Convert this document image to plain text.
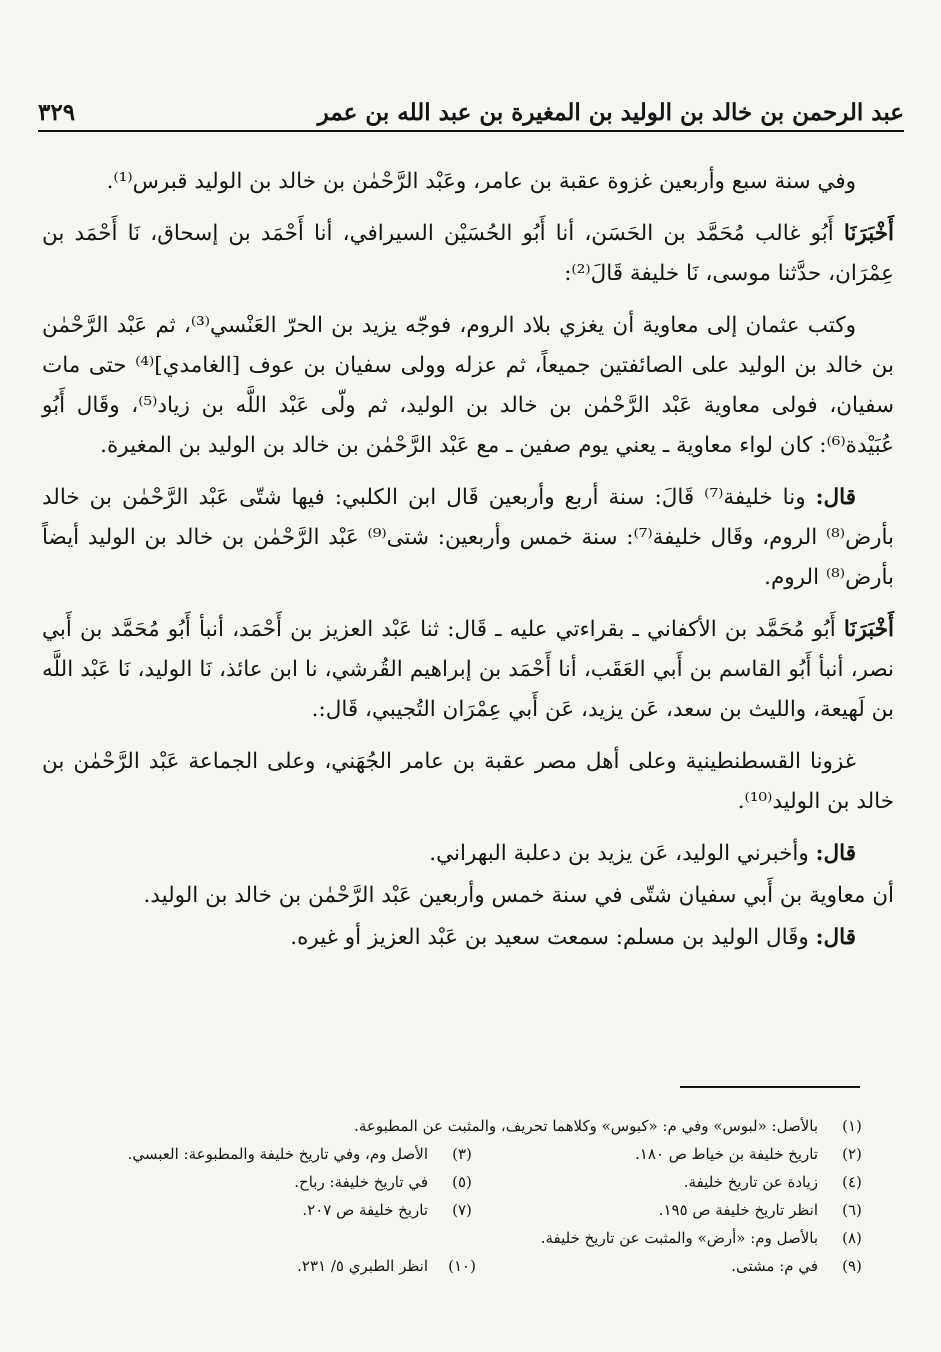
عبد الرحمن بن خالد بن الوليد بن المغيرة بن عبد الله بن عمر
٣٢٩

وفي سنة سبع وأربعين غزوة عقبة بن عامر، وعَبْد الرَّحْمٰن بن خالد بن الوليد قبرس⁽¹⁾.

أَخْبَرَنَا أَبُو غالب مُحَمَّد بن الحَسَن، أنا أَبُو الحُسَيْن السيرافي، أنا أَحْمَد بن إسحاق، نَا أَحْمَد بن عِمْرَان، حدَّثنا موسى، نَا خليفة قَالَ⁽²⁾:

وكتب عثمان إلى معاوية أن يغزي بلاد الروم، فوجّه يزيد بن الحرّ العَنْسي⁽³⁾، ثم عَبْد الرَّحْمٰن بن خالد بن الوليد على الصائفتين جميعاً، ثم عزله وولى سفيان بن عوف [الغامدي]⁽⁴⁾ حتى مات سفيان، فولى معاوية عَبْد الرَّحْمٰن بن خالد بن الوليد، ثم ولّى عَبْد اللَّه بن زياد⁽⁵⁾، وقَال أَبُو عُبَيْدة⁽⁶⁾: كان لواء معاوية ـ يعني يوم صفين ـ مع عَبْد الرَّحْمٰن بن خالد بن الوليد بن المغيرة.

قال: ونا خليفة⁽⁷⁾ قَالَ: سنة أربع وأربعين قَال ابن الكلبي: فيها شتّى عَبْد الرَّحْمٰن بن خالد بأرض⁽⁸⁾ الروم، وقَال خليفة⁽⁷⁾: سنة خمس وأربعين: شتى⁽⁹⁾ عَبْد الرَّحْمٰن بن خالد بن الوليد أيضاً بأرض⁽⁸⁾ الروم.

أَخْبَرَنَا أَبُو مُحَمَّد بن الأكفاني ـ بقراءتي عليه ـ قَال: ثنا عَبْد العزيز بن أَحْمَد، أنبأ أَبُو مُحَمَّد بن أَبي نصر، أنبأ أَبُو القاسم بن أَبي العَقَب، أنا أَحْمَد بن إبراهيم القُرشي، نا ابن عائذ، نَا الوليد، نَا عَبْد اللَّه بن لَهيعة، والليث بن سعد، عَن يزيد، عَن أَبي عِمْرَان التُجيبي، قَال:.

غزونا القسطنطينية وعلى أهل مصر عقبة بن عامر الجُهَني، وعلى الجماعة عَبْد الرَّحْمٰن بن خالد بن الوليد⁽¹⁰⁾.

قال: وأخبرني الوليد، عَن يزيد بن دعلبة البهراني.

أن معاوية بن أَبي سفيان شتّى في سنة خمس وأربعين عَبْد الرَّحْمٰن بن خالد بن الوليد.

قال: وقَال الوليد بن مسلم: سمعت سعيد بن عَبْد العزيز أو غيره.

(١)
بالأصل: «لبوس» وفي م: «كبوس» وكلاهما تحريف، والمثبت عن المطبوعة.
(٢)
تاريخ خليفة بن خياط ص ١٨٠.
(٣)
الأصل وم، وفي تاريخ خليفة والمطبوعة: العبسي.
(٤)
زيادة عن تاريخ خليفة.
(٥)
في تاريخ خليفة: رباح.
(٦)
انظر تاريخ خليفة ص ١٩٥.
(٧)
تاريخ خليفة ص ٢٠٧.
(٨)
بالأصل وم: «أرض» والمثبت عن تاريخ خليفة.
(٩)
في م: مشتى.
(١٠)
انظر الطبري ٥/ ٢٣١.
